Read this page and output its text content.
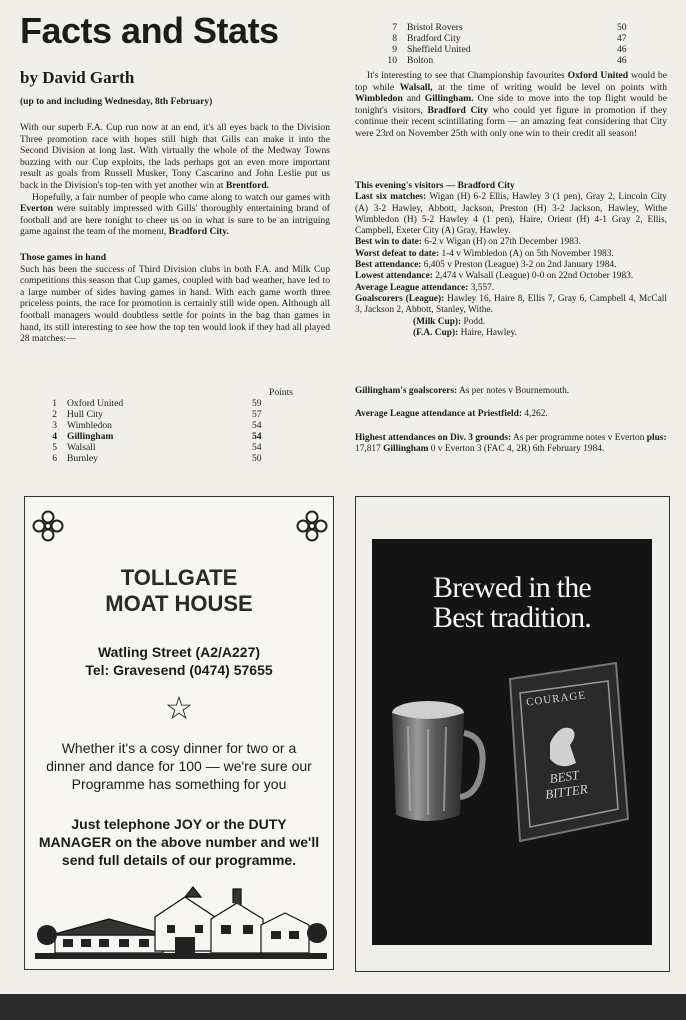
Facts and Stats
by David Garth
(up to and including Wednesday, 8th February)

With our superb F.A. Cup run now at an end, it's all eyes back to the Division Three promotion race with hopes still high that Gills can make it into the Second Division at long last. With virtually the whole of the Medway Towns buzzing with our Cup exploits, the lads perhaps got an even more important result as goals from Russell Musker, Tony Cascarino and John Leslie put us back in the Division's top-ten with yet another win at Brentford.

Hopefully, a fair number of people who came along to watch our games with Everton were suitably impressed with Gills' thoroughly entertaining brand of football and are here tonight to cheer us on in what is sure to be an intriguing game against the team of the moment, Bradford City.

Those games in hand

Such has been the success of Third Division clubs in both F.A. and Milk Cup competitions this season that Cup games, coupled with bad weather, have led to a large number of sides having games in hand. With each game worth three priceless points, the race for promotion is certainly still wide open. Although all football managers would doubtless settle for points in the bag than games in hand, its still interesting to see how the top ten would look if they had all played 28 matches:—

Points
1	Oxford United	59
2	Hull City	57
3	Wimbledon	54
4	Gillingham	54
5	Walsall	54
6	Burnley	50
7	Bristol Rovers	50
8	Bradford City	47
9	Sheffield United	46
10	Bolton	46

It's interesting to see that Championship favourites Oxford United would be top while Walsall, at the time of writing would be level on points with Wimbledon and Gillingham. One side to move into the top flight would be tonight's visitors, Bradford City who could yet figure in promotion if they continue their recent scintillating form — an amazing feat considering that City were 23rd on November 25th with only one win to their credit all season!

This evening's visitors — Bradford City

Last six matches: Wigan (H) 6-2 Ellis, Hawley 3 (1 pen), Gray 2, Lincoln City (A) 3-2 Hawley, Abbott, Jackson, Preston (H) 3-2 Jackson, Hawley, Withe Wimbledon (H) 5-2 Hawley 4 (1 pen), Haire, Orient (H) 4-1 Gray 2, Ellis, Campbell, Exeter City (A) Gray, Hawley.

Best win to date: 6-2 v Wigan (H) on 27th December 1983.

Worst defeat to date: 1-4 v Wimbledon (A) on 5th November 1983.

Best attendance: 6,405 v Preston (League) 3-2 on 2nd January 1984.

Lowest attendance: 2,474 v Walsall (League) 0-0 on 22nd October 1983.

Average League attendance: 3,557.

Goalscorers (League): Hawley 16, Haire 8, Ellis 7, Gray 6, Campbell 4, McCall 3, Jackson 2, Abbott, Stanley, Withe.

(Milk Cup): Podd.

(F.A. Cup): Haire, Hawley.

Gillingham's goalscorers: As per notes v Bournemouth.

Average League attendance at Priestfield: 4,262.

Highest attendances on Div. 3 grounds: As per programme notes v Everton plus:

17,817 Gillingham 0 v Everton 3 (FAC 4, 2R) 6th February 1984.

TOLLGATE
MOAT HOUSE
Watling Street (A2/A227)
Tel: Gravesend (0474) 57655
☆
Whether it's a cosy dinner for two or a dinner and dance for 100 — we're sure our Programme has something for you
Just telephone JOY or the DUTY MANAGER on the above number and we'll send full details of our programme.
Brewed in the
Best tradition.
COURAGE
BEST
BITTER
